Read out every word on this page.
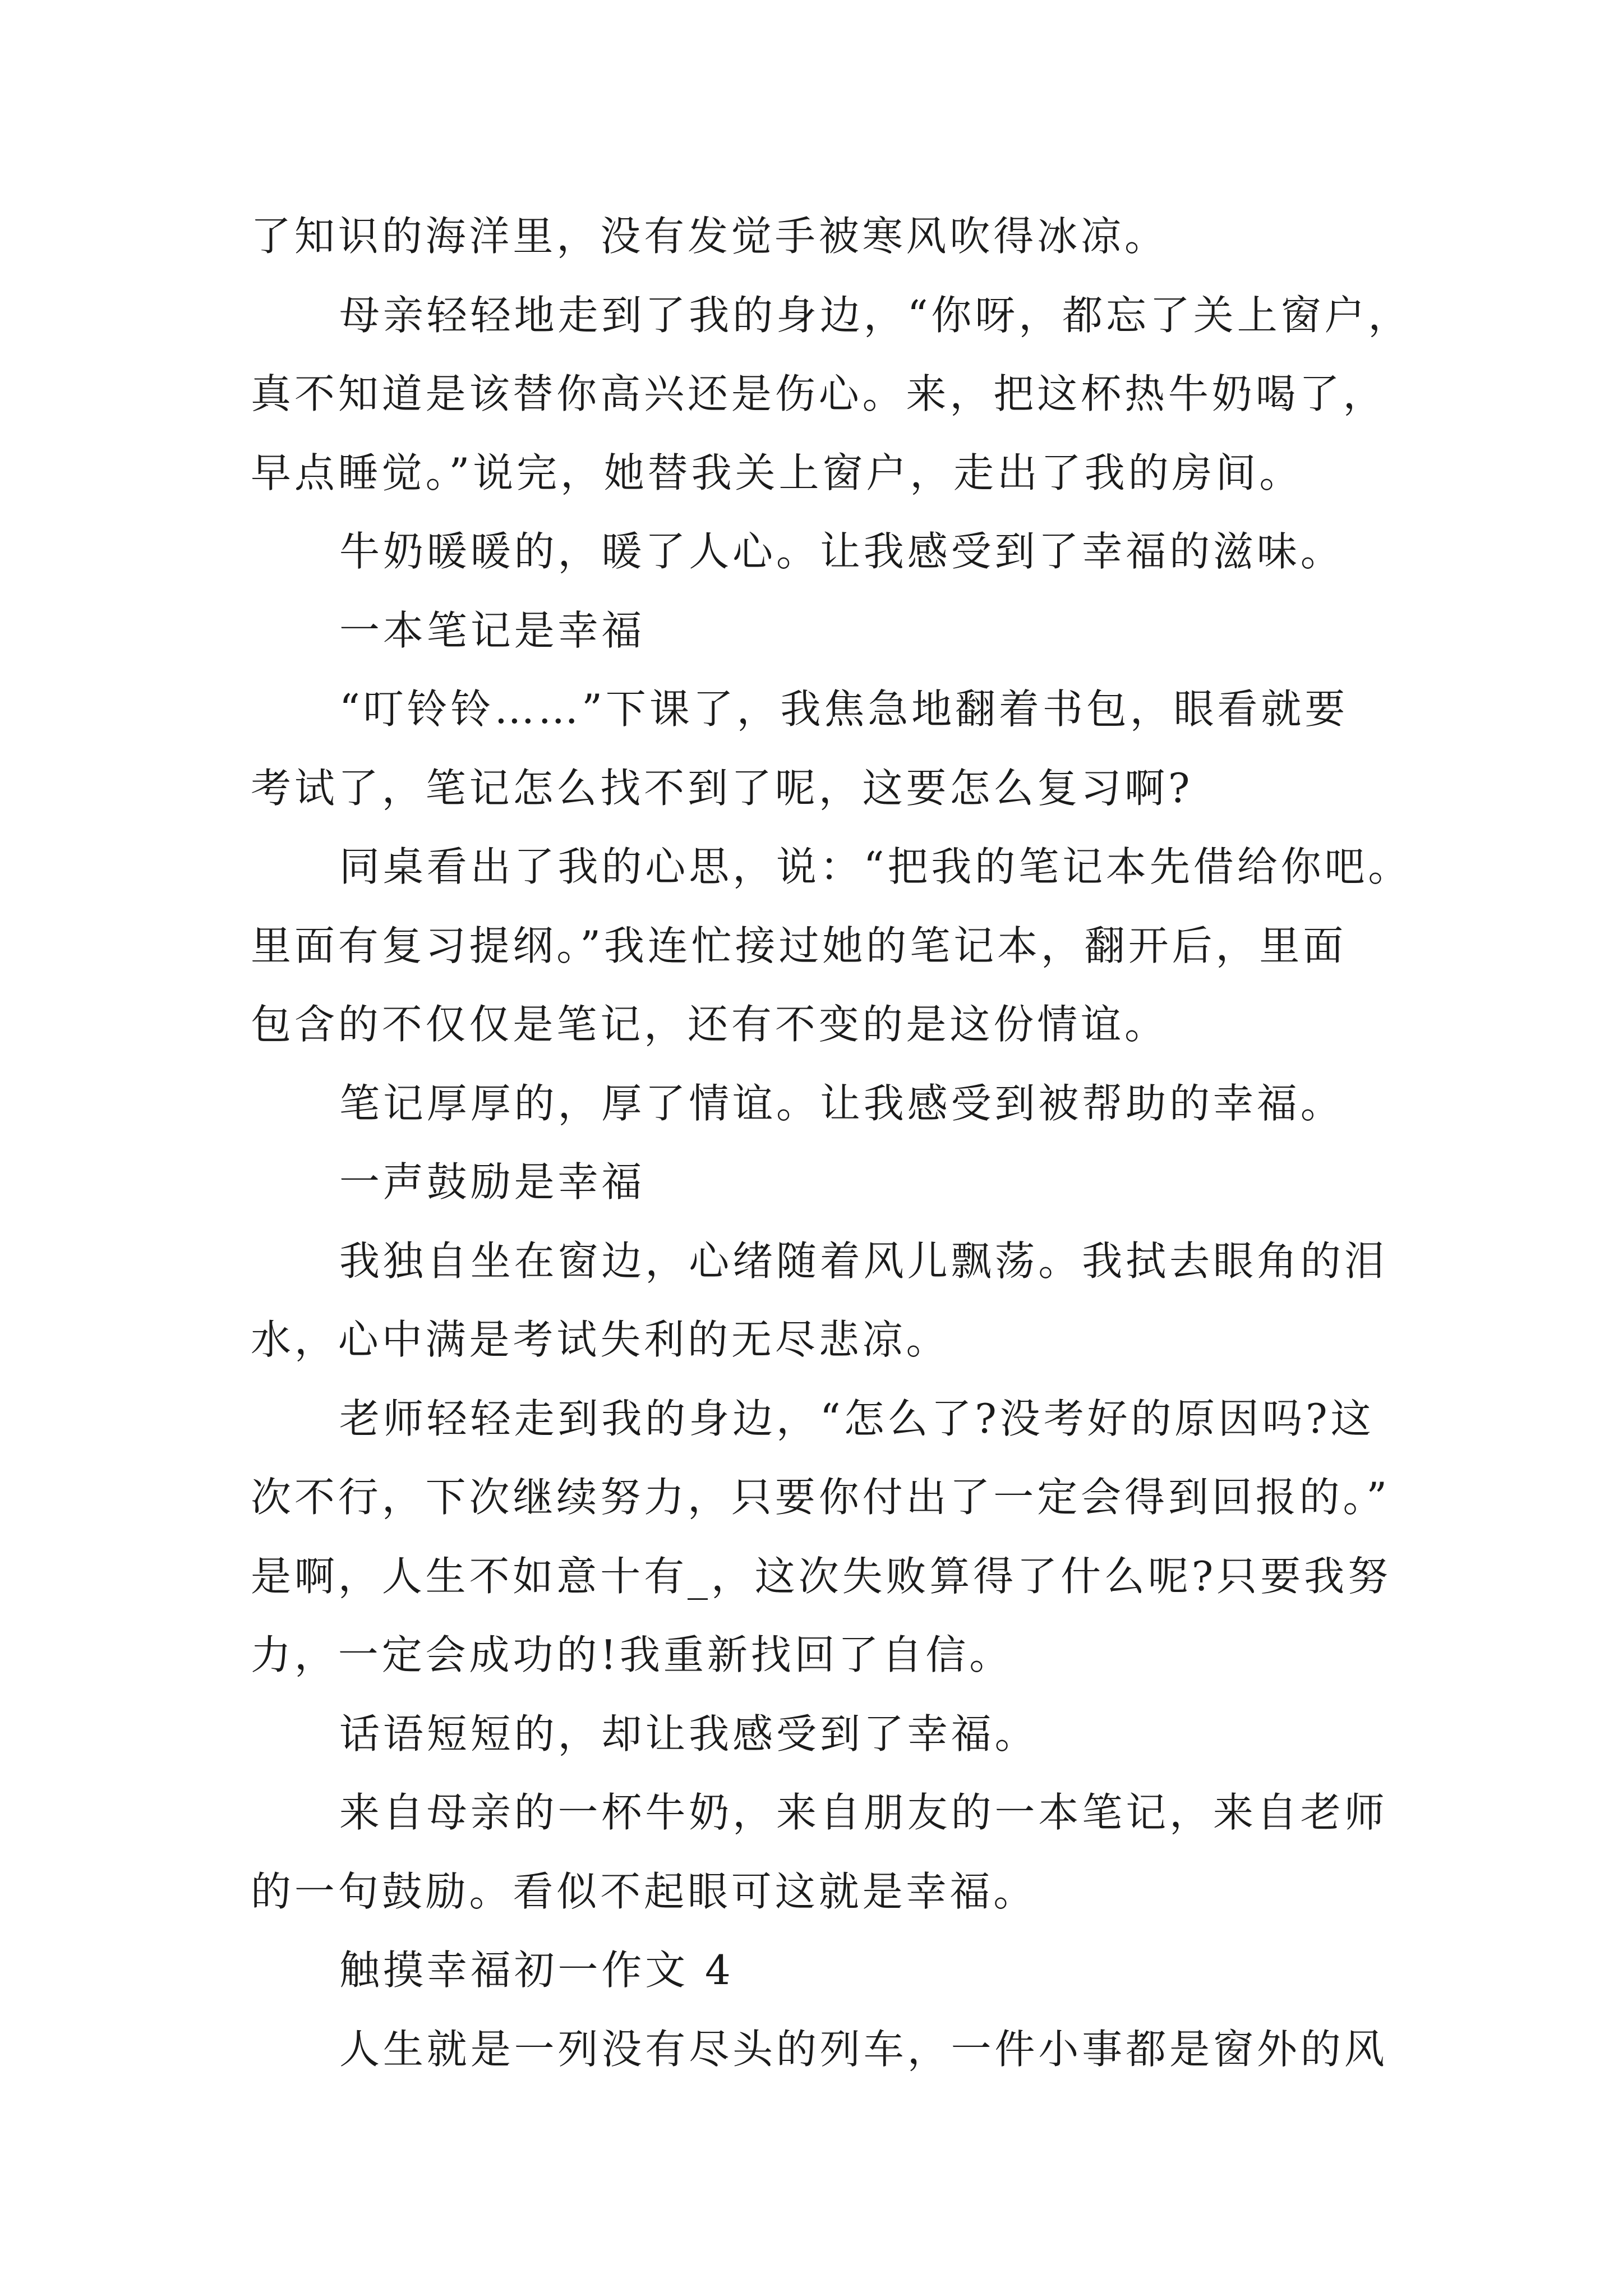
了知识的海洋里，没有发觉手被寒风吹得冰凉。
母亲轻轻地走到了我的身边，“你呀，都忘了关上窗户，
真不知道是该替你高兴还是伤心。来，把这杯热牛奶喝了，
早点睡觉。”说完，她替我关上窗户，走出了我的房间。
牛奶暖暖的，暖了人心。让我感受到了幸福的滋味。
一本笔记是幸福
“叮铃铃……”下课了，我焦急地翻着书包，眼看就要
考试了，笔记怎么找不到了呢，这要怎么复习啊?
同桌看出了我的心思，说：“把我的笔记本先借给你吧。
里面有复习提纲。”我连忙接过她的笔记本，翻开后，里面
包含的不仅仅是笔记，还有不变的是这份情谊。
笔记厚厚的，厚了情谊。让我感受到被帮助的幸福。
一声鼓励是幸福
我独自坐在窗边，心绪随着风儿飘荡。我拭去眼角的泪
水，心中满是考试失利的无尽悲凉。
老师轻轻走到我的身边，“怎么了?没考好的原因吗?这
次不行，下次继续努力，只要你付出了一定会得到回报的。”
是啊，人生不如意十有_，这次失败算得了什么呢?只要我努
力，一定会成功的!我重新找回了自信。
话语短短的，却让我感受到了幸福。
来自母亲的一杯牛奶，来自朋友的一本笔记，来自老师
的一句鼓励。看似不起眼可这就是幸福。
触摸幸福初一作文 4
人生就是一列没有尽头的列车，一件小事都是窗外的风
